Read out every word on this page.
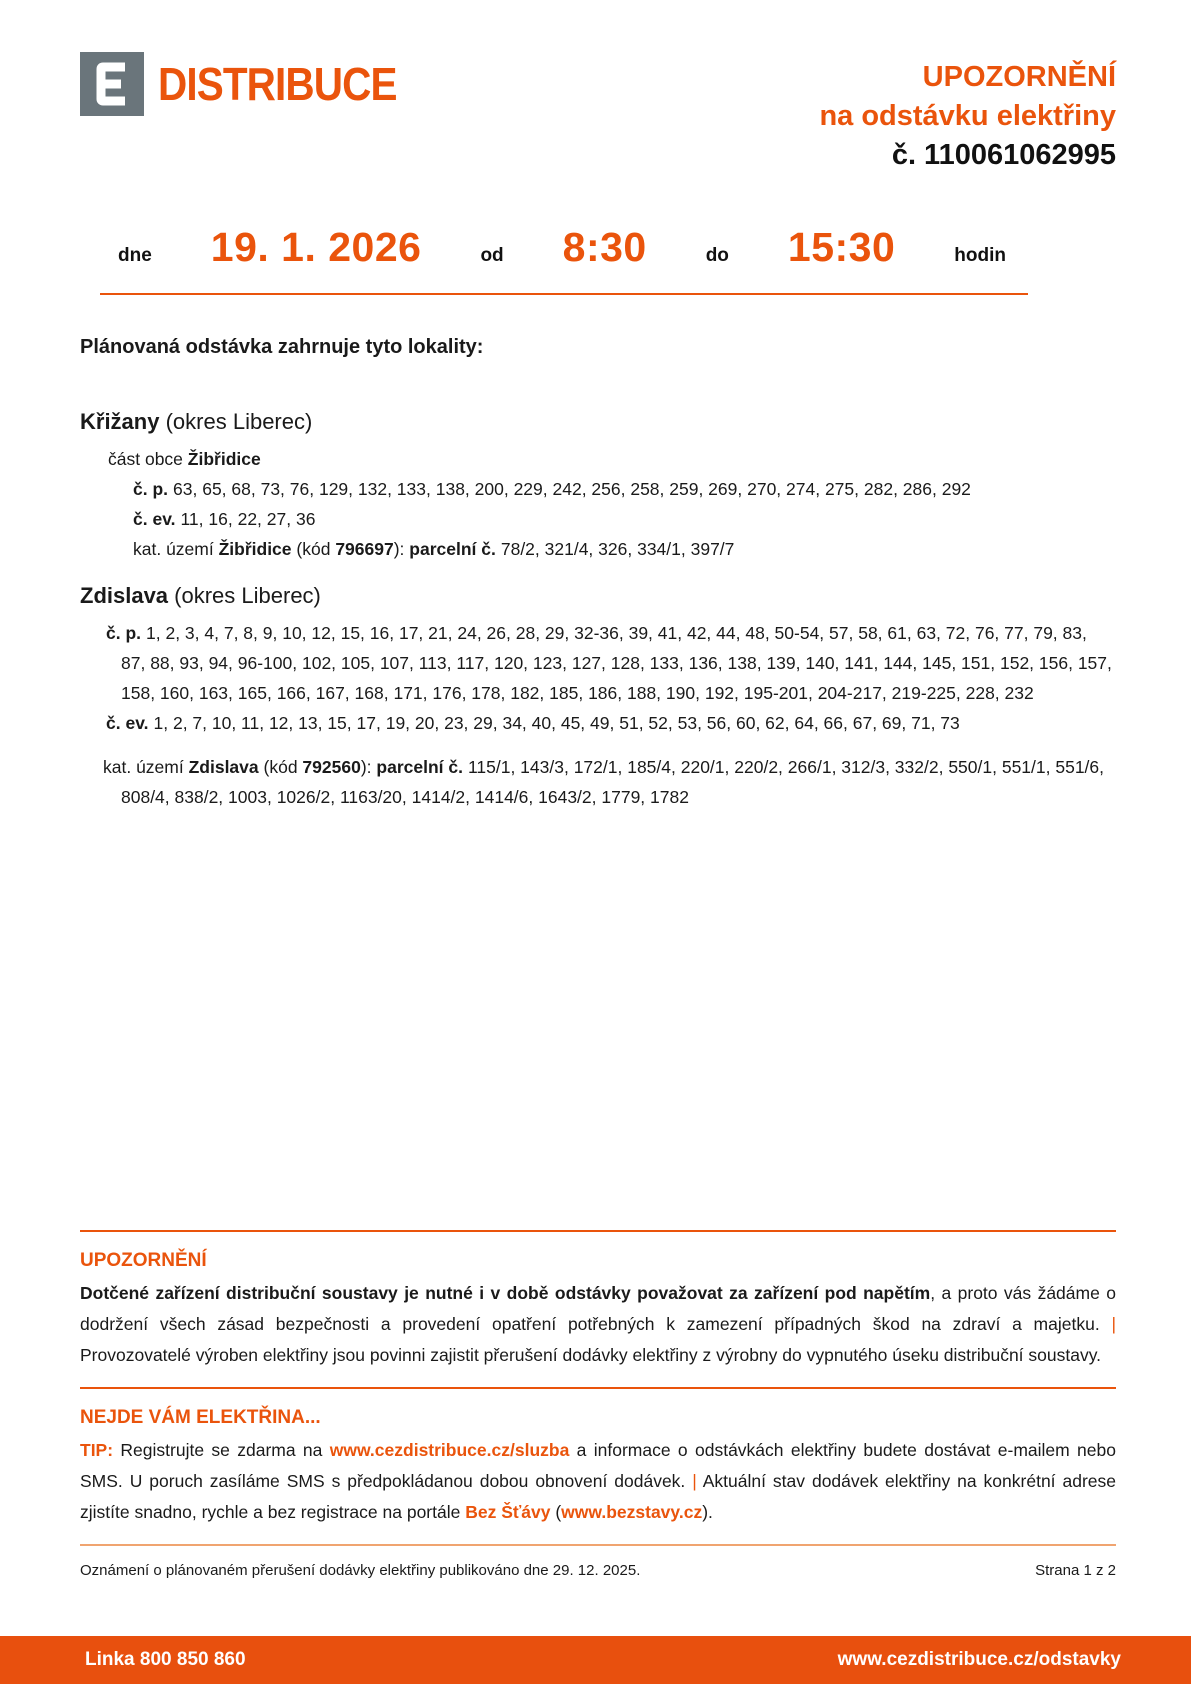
DISTRIBUCE	UPOZORNĚNÍ
na odstávku elektřiny
č. 110061062995
dne 19. 1. 2026	od 8:30	do 15:30	hodin
Plánovaná odstávka zahrnuje tyto lokality:
Křižany (okres Liberec)
část obce Žibřidice
č. p. 63, 65, 68, 73, 76, 129, 132, 133, 138, 200, 229, 242, 256, 258, 259, 269, 270, 274, 275, 282, 286, 292
č. ev. 11, 16, 22, 27, 36
kat. území Žibřidice (kód 796697): parcelní č. 78/2, 321/4, 326, 334/1, 397/7
Zdislava (okres Liberec)
č. p. 1, 2, 3, 4, 7, 8, 9, 10, 12, 15, 16, 17, 21, 24, 26, 28, 29, 32-36, 39, 41, 42, 44, 48, 50-54, 57, 58, 61, 63, 72, 76, 77, 79, 83, 87, 88, 93, 94, 96-100, 102, 105, 107, 113, 117, 120, 123, 127, 128, 133, 136, 138, 139, 140, 141, 144, 145, 151, 152, 156, 157, 158, 160, 163, 165, 166, 167, 168, 171, 176, 178, 182, 185, 186, 188, 190, 192, 195-201, 204-217, 219-225, 228, 232
č. ev. 1, 2, 7, 10, 11, 12, 13, 15, 17, 19, 20, 23, 29, 34, 40, 45, 49, 51, 52, 53, 56, 60, 62, 64, 66, 67, 69, 71, 73
kat. území Zdislava (kód 792560): parcelní č. 115/1, 143/3, 172/1, 185/4, 220/1, 220/2, 266/1, 312/3, 332/2, 550/1, 551/1, 551/6, 808/4, 838/2, 1003, 1026/2, 1163/20, 1414/2, 1414/6, 1643/2, 1779, 1782
UPOZORNĚNÍ

Dotčené zařízení distribuční soustavy je nutné i v době odstávky považovat za zařízení pod napětím, a proto vás žádáme o dodržení všech zásad bezpečnosti a provedení opatření potřebných k zamezení případných škod na zdraví a majetku. | Provozovatelé výroben elektřiny jsou povinni zajistit přerušení dodávky elektřiny z výrobny do vypnutého úseku distribuční soustavy.

NEJDE VÁM ELEKTŘINA...

TIP: Registrujte se zdarma na www.cezdistribuce.cz/sluzba a informace o odstávkách elektřiny budete dostávat e-mailem nebo SMS. U poruch zasíláme SMS s předpokládanou dobou obnovení dodávek. | Aktuální stav dodávek elektřiny na konkrétní adrese zjistíte snadno, rychle a bez registrace na portále Bez Šťávy (www.bezstavy.cz).

Oznámení o plánovaném přerušení dodávky elektřiny publikováno dne 29. 12. 2025.	Strana 1 z 2
Linka 800 850 860	www.cezdistribuce.cz/odstavky
